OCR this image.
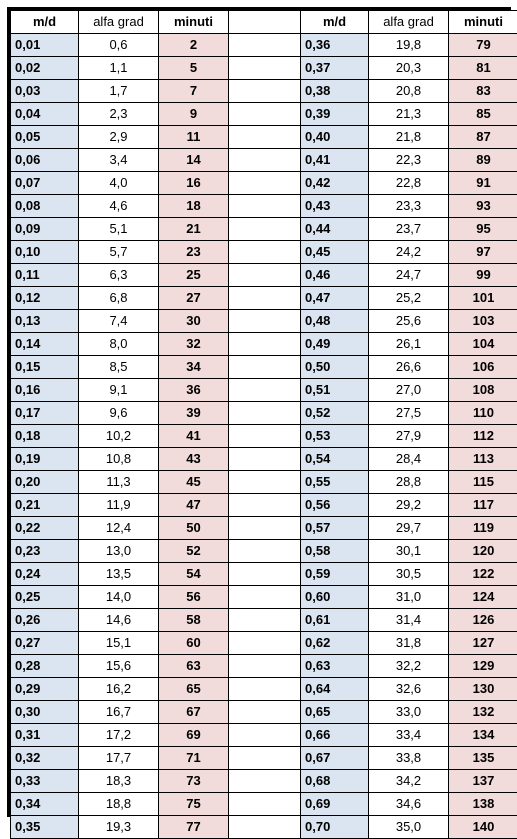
m/d	alfa grad	minuti		m/d	alfa grad	minuti
0,01	0,6	2		0,36	19,8	79
0,02	1,1	5		0,37	20,3	81
0,03	1,7	7		0,38	20,8	83
0,04	2,3	9		0,39	21,3	85
0,05	2,9	11		0,40	21,8	87
0,06	3,4	14		0,41	22,3	89
0,07	4,0	16		0,42	22,8	91
0,08	4,6	18		0,43	23,3	93
0,09	5,1	21		0,44	23,7	95
0,10	5,7	23		0,45	24,2	97
0,11	6,3	25		0,46	24,7	99
0,12	6,8	27		0,47	25,2	101
0,13	7,4	30		0,48	25,6	103
0,14	8,0	32		0,49	26,1	104
0,15	8,5	34		0,50	26,6	106
0,16	9,1	36		0,51	27,0	108
0,17	9,6	39		0,52	27,5	110
0,18	10,2	41		0,53	27,9	112
0,19	10,8	43		0,54	28,4	113
0,20	11,3	45		0,55	28,8	115
0,21	11,9	47		0,56	29,2	117
0,22	12,4	50		0,57	29,7	119
0,23	13,0	52		0,58	30,1	120
0,24	13,5	54		0,59	30,5	122
0,25	14,0	56		0,60	31,0	124
0,26	14,6	58		0,61	31,4	126
0,27	15,1	60		0,62	31,8	127
0,28	15,6	63		0,63	32,2	129
0,29	16,2	65		0,64	32,6	130
0,30	16,7	67		0,65	33,0	132
0,31	17,2	69		0,66	33,4	134
0,32	17,7	71		0,67	33,8	135
0,33	18,3	73		0,68	34,2	137
0,34	18,8	75		0,69	34,6	138
0,35	19,3	77		0,70	35,0	140
